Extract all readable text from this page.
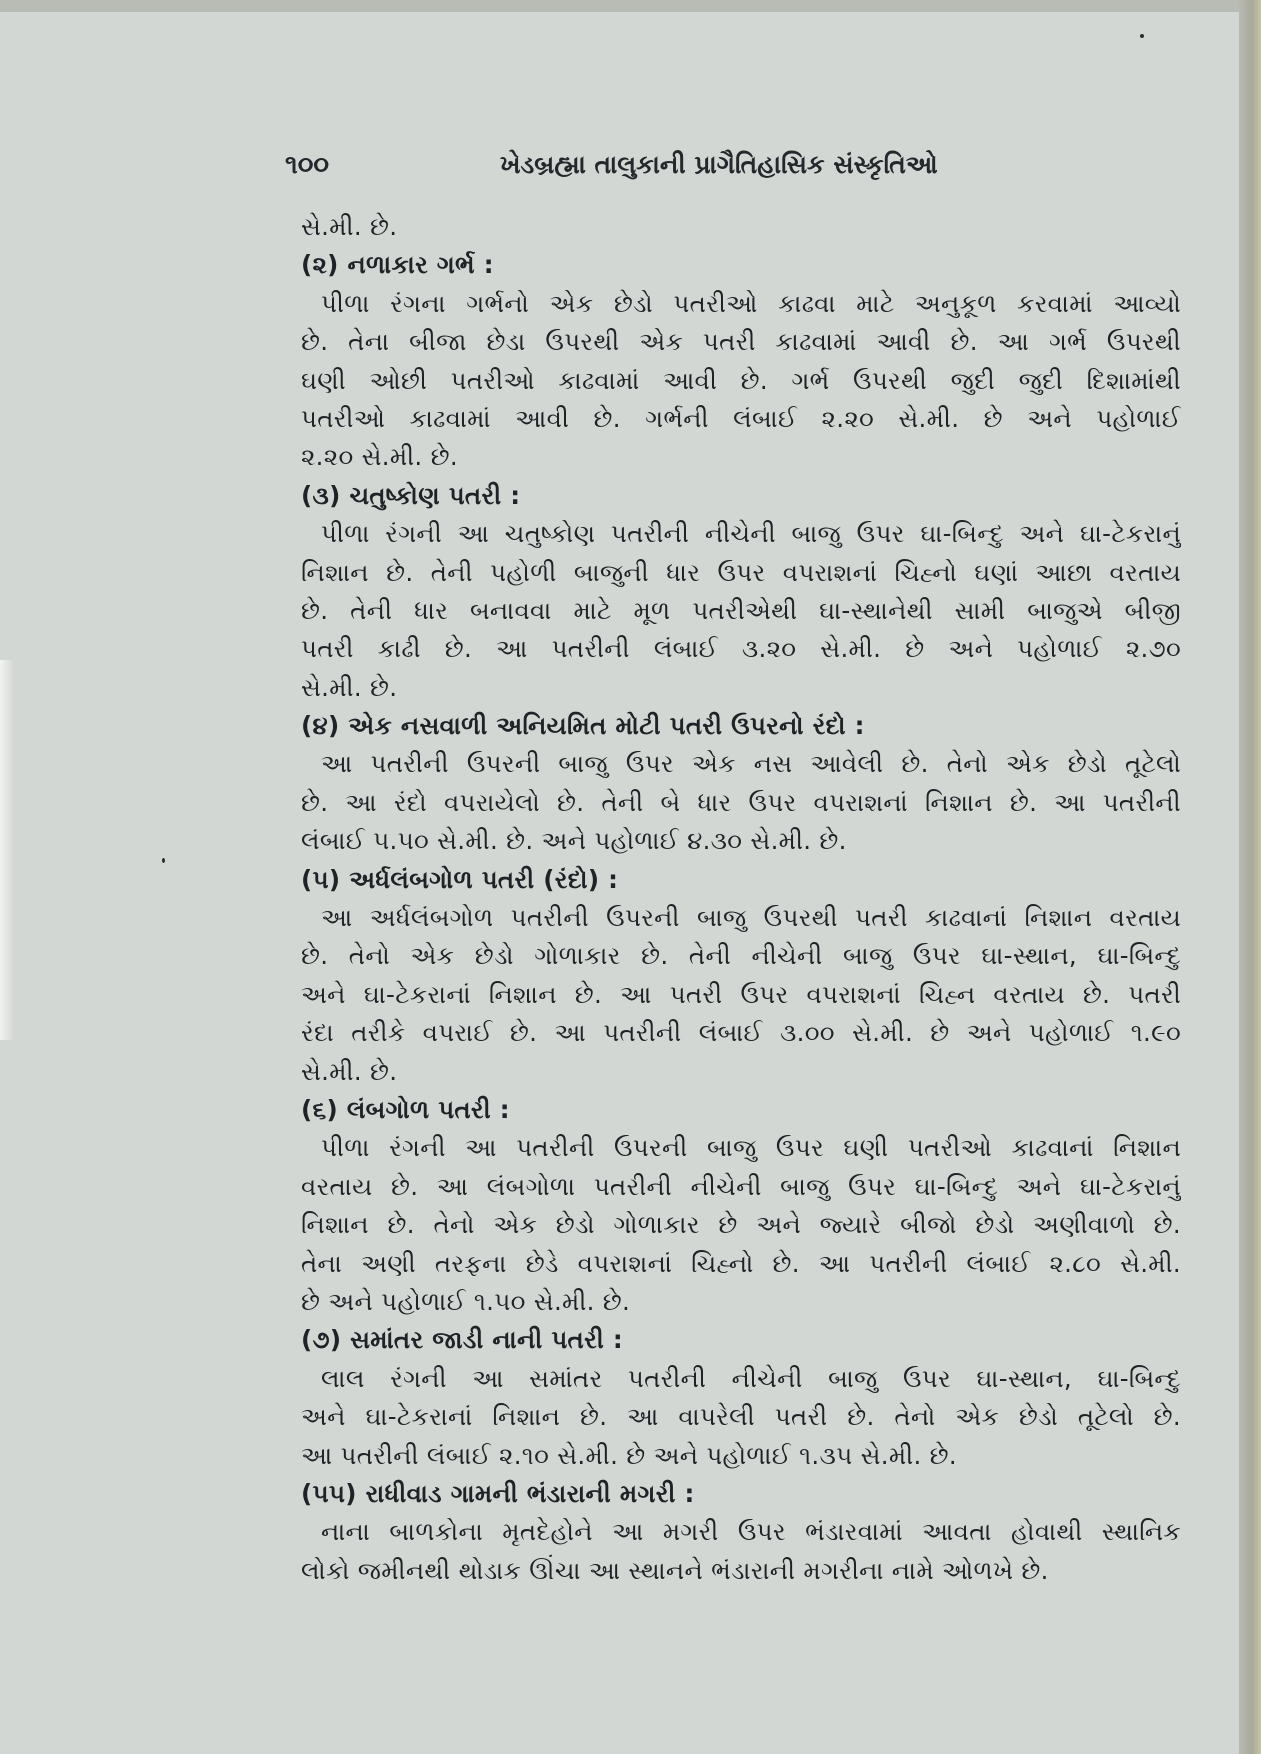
૧૦૦	ખેડબ્રહ્મા તાલુકાની પ્રાગૈતિહાસિક સંસ્કૃતિઓ
સે.મી. છે.
(૨) નળાકાર ગર્ભ :
પીળા રંગના ગર્ભનો એક છેડો પતરીઓ કાઢવા માટે અનુકૂળ કરવામાં આવ્યો
છે. તેના બીજા છેડા ઉપરથી એક પતરી કાઢવામાં આવી છે. આ ગર્ભ ઉપરથી
ઘણી ઓછી પતરીઓ કાઢવામાં આવી છે. ગર્ભ ઉપરથી જુદી જુદી દિશામાંથી
પતરીઓ કાઢવામાં આવી છે. ગર્ભની લંબાઈ ૨.૨૦ સે.મી. છે અને પહોળાઈ
૨.૨૦ સે.મી. છે.
(૩) ચતુષ્કોણ પતરી :
પીળા રંગની આ ચતુષ્કોણ પતરીની નીચેની બાજુ ઉપર ઘા-બિન્દુ અને ઘા-ટેકરાનું
નિશાન છે. તેની પહોળી બાજુની ધાર ઉપર વપરાશનાં ચિહ્નો ઘણાં આછા વરતાય
છે. તેની ધાર બનાવવા માટે મૂળ પતરીએથી ઘા-સ્થાનેથી સામી બાજુએ બીજી
પતરી કાઢી છે. આ પતરીની લંબાઈ ૩.૨૦ સે.મી. છે અને પહોળાઈ ૨.૭૦
સે.મી. છે.
(૪) એક નસવાળી અનિયમિત મોટી પતરી ઉપરનો રંદો :
આ પતરીની ઉપરની બાજુ ઉપર એક નસ આવેલી છે. તેનો એક છેડો તૂટેલો
છે. આ રંદો વપરાયેલો છે. તેની બે ધાર ઉપર વપરાશનાં નિશાન છે. આ પતરીની
લંબાઈ ૫.૫૦ સે.મી. છે. અને પહોળાઈ ૪.૩૦ સે.મી. છે.
(૫) અર્ધલંબગોળ પતરી (રંદો) :
આ અર્ધલંબગોળ પતરીની ઉપરની બાજુ ઉપરથી પતરી કાઢવાનાં નિશાન વરતાય
છે. તેનો એક છેડો ગોળાકાર છે. તેની નીચેની બાજુ ઉપર ઘા-સ્થાન, ઘા-બિન્દુ
અને ઘા-ટેકરાનાં નિશાન છે. આ પતરી ઉપર વપરાશનાં ચિહ્ન વરતાય છે. પતરી
રંદા તરીકે વપરાઈ છે. આ પતરીની લંબાઈ ૩.૦૦ સે.મી. છે અને પહોળાઈ ૧.૯૦
સે.મી. છે.
(૬) લંબગોળ પતરી :
પીળા રંગની આ પતરીની ઉપરની બાજુ ઉપર ઘણી પતરીઓ કાઢવાનાં નિશાન
વરતાય છે. આ લંબગોળા પતરીની નીચેની બાજુ ઉપર ઘા-બિન્દુ અને ઘા-ટેકરાનું
નિશાન છે. તેનો એક છેડો ગોળાકાર છે અને જ્યારે બીજો છેડો અણીવાળો છે.
તેના અણી તરફના છેડે વપરાશનાં ચિહ્નો છે. આ પતરીની લંબાઈ ૨.૮૦ સે.મી.
છે અને પહોળાઈ ૧.૫૦ સે.મી. છે.
(૭) સમાંતર જાડી નાની પતરી :
લાલ રંગની આ સમાંતર પતરીની નીચેની બાજુ ઉપર ઘા-સ્થાન, ઘા-બિન્દુ
અને ઘા-ટેકરાનાં નિશાન છે. આ વાપરેલી પતરી છે. તેનો એક છેડો તૂટેલો છે.
આ પતરીની લંબાઈ ૨.૧૦ સે.મી. છે અને પહોળાઈ ૧.૩૫ સે.મી. છે.
(૫૫) રાધીવાડ ગામની ભંડારાની મગરી :
નાના બાળકોના મૃતદેહોને આ મગરી ઉપર ભંડારવામાં આવતા હોવાથી સ્થાનિક
લોકો જમીનથી થોડાક ઊંચા આ સ્થાનને ભંડારાની મગરીના નામે ઓળખે છે.
